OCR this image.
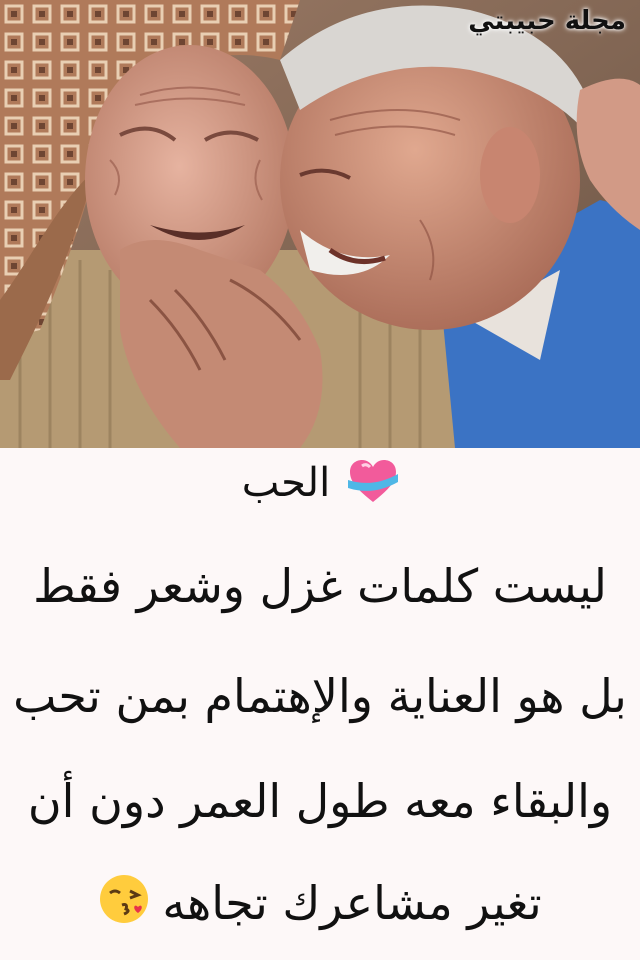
مجلة حبيبتي
الحب
ليست كلمات غزل وشعر فقط
بل هو العناية والإهتمام بمن تحب
والبقاء معه طول العمر دون أن
تغير مشاعرك تجاهه
